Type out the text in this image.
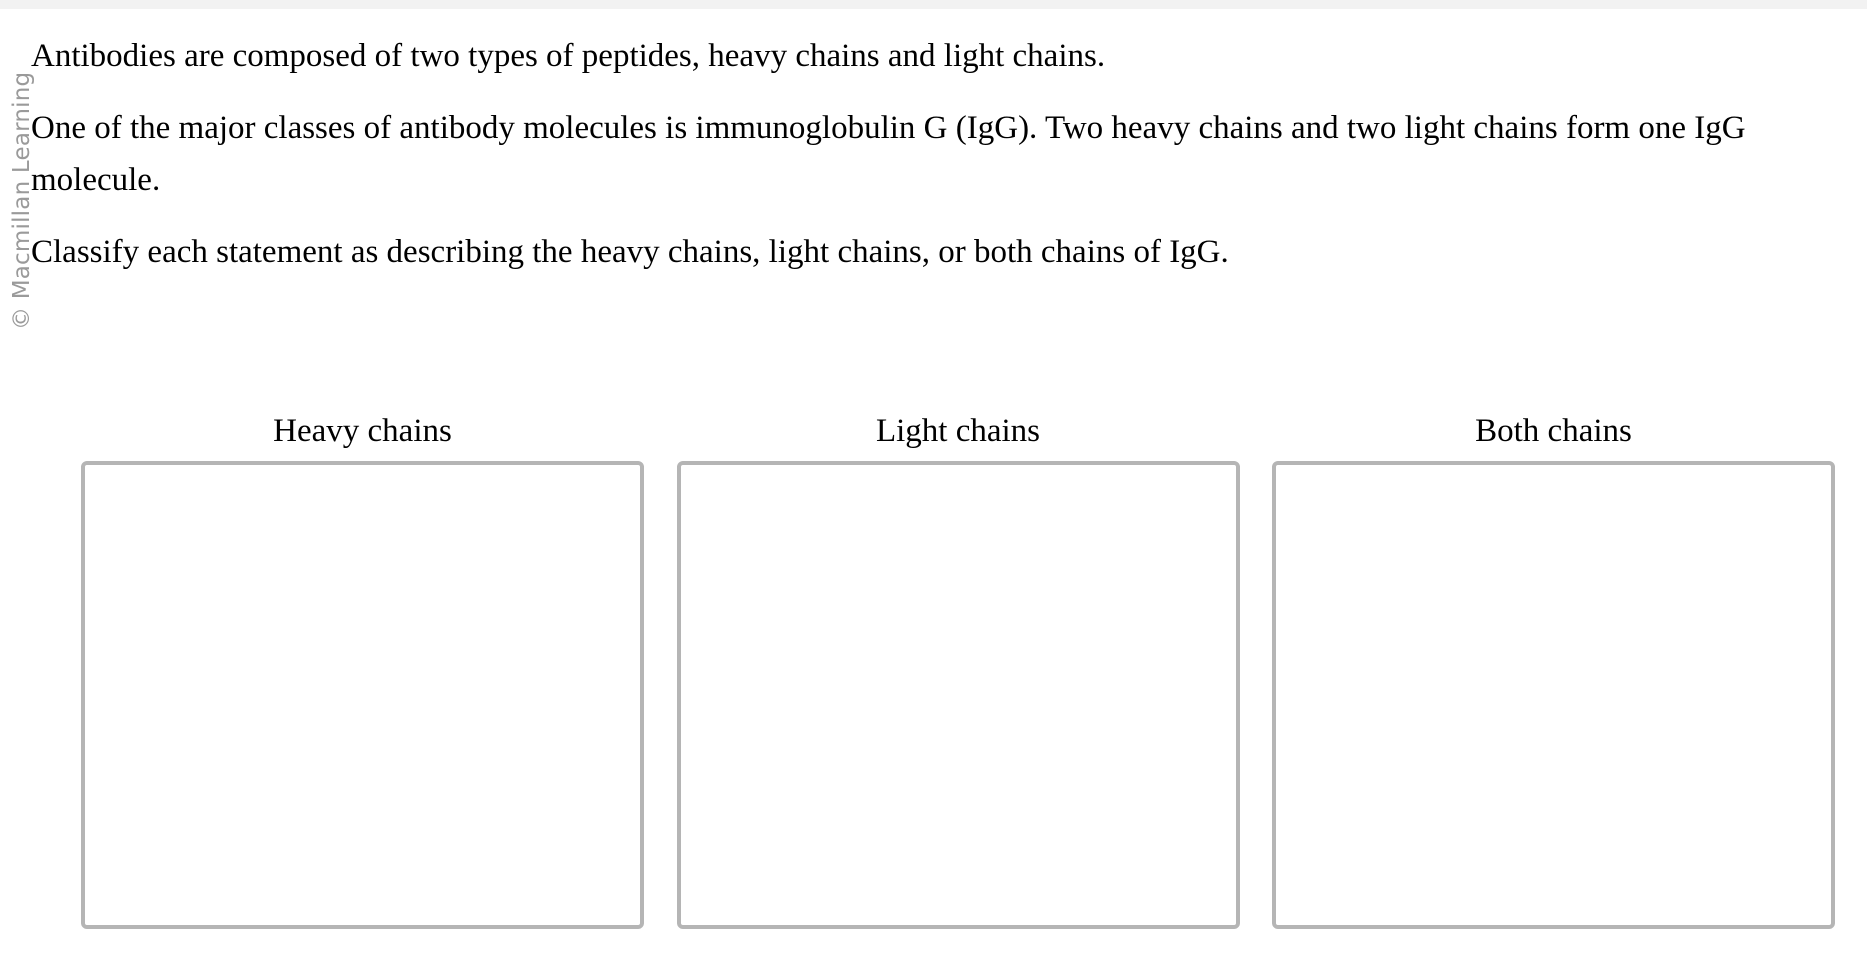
© Macmillan Learning

Antibodies are composed of two types of peptides, heavy chains and light chains.

One of the major classes of antibody molecules is immunoglobulin G (IgG). Two heavy chains and two light chains form one IgG molecule.

Classify each statement as describing the heavy chains, light chains, or both chains of IgG.

Heavy chains	Light chains	Both chains
